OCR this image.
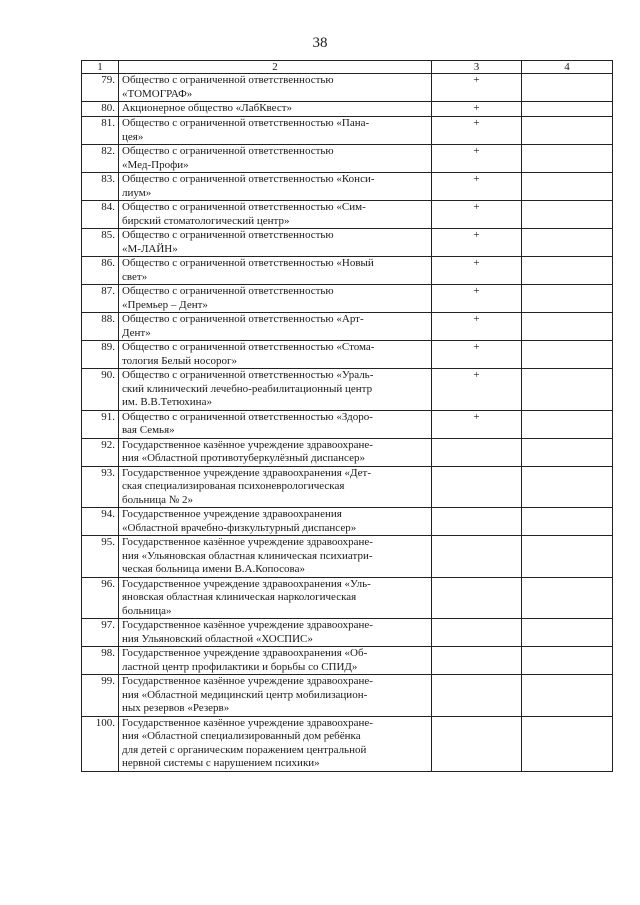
38
1	2	3	4
79.	Общество с ограниченной ответственностью
«ТОМОГРАФ»	+	
80.	Акционерное общество «ЛабКвест»	+	
81.	Общество с ограниченной ответственностью «Пана-
цея»	+	
82.	Общество с ограниченной ответственностью
«Мед-Профи»	+	
83.	Общество с ограниченной ответственностью «Конси-
лиум»	+	
84.	Общество с ограниченной ответственностью «Сим-
бирский стоматологический центр»	+	
85.	Общество с ограниченной ответственностью
«М-ЛАЙН»	+	
86.	Общество с ограниченной ответственностью «Новый
свет»	+	
87.	Общество с ограниченной ответственностью
«Премьер – Дент»	+	
88.	Общество с ограниченной ответственностью «Арт-
Дент»	+	
89.	Общество с ограниченной ответственностью «Стома-
тология Белый носорог»	+	
90.	Общество с ограниченной ответственностью «Ураль-
ский клинический лечебно-реабилитационный центр
им. В.В.Тетюхина»	+	
91.	Общество с ограниченной ответственностью «Здоро-
вая Семья»	+	
92.	Государственное казённое учреждение здравоохране-
ния «Областной противотуберкулёзный диспансер»		

93.	Государственное учреждение здравоохранения «Дет-
ская специализированая психоневрологическая
больница № 2»		

94.	Государственное учреждение здравоохранения
«Областной врачебно-физкультурный диспансер»		

95.	Государственное казённое учреждение здравоохране-
ния «Ульяновская областная клиническая психиатри-
ческая больница имени В.А.Копосова»		

96.	Государственное учреждение здравоохранения «Уль-
яновская областная клиническая наркологическая
больница»		

97.	Государственное казённое учреждение здравоохране-
ния Ульяновский областной «ХОСПИС»		

98.	Государственное учреждение здравоохранения «Об-
ластной центр профилактики и борьбы со СПИД»		

99.	Государственное казённое учреждение здравоохране-
ния «Областной медицинский центр мобилизацион-
ных резервов «Резерв»		

100.	Государственное казённое учреждение здравоохране-
ния «Областной специализированный дом ребёнка
для детей с органическим поражением центральной
нервной системы с нарушением психики»		
